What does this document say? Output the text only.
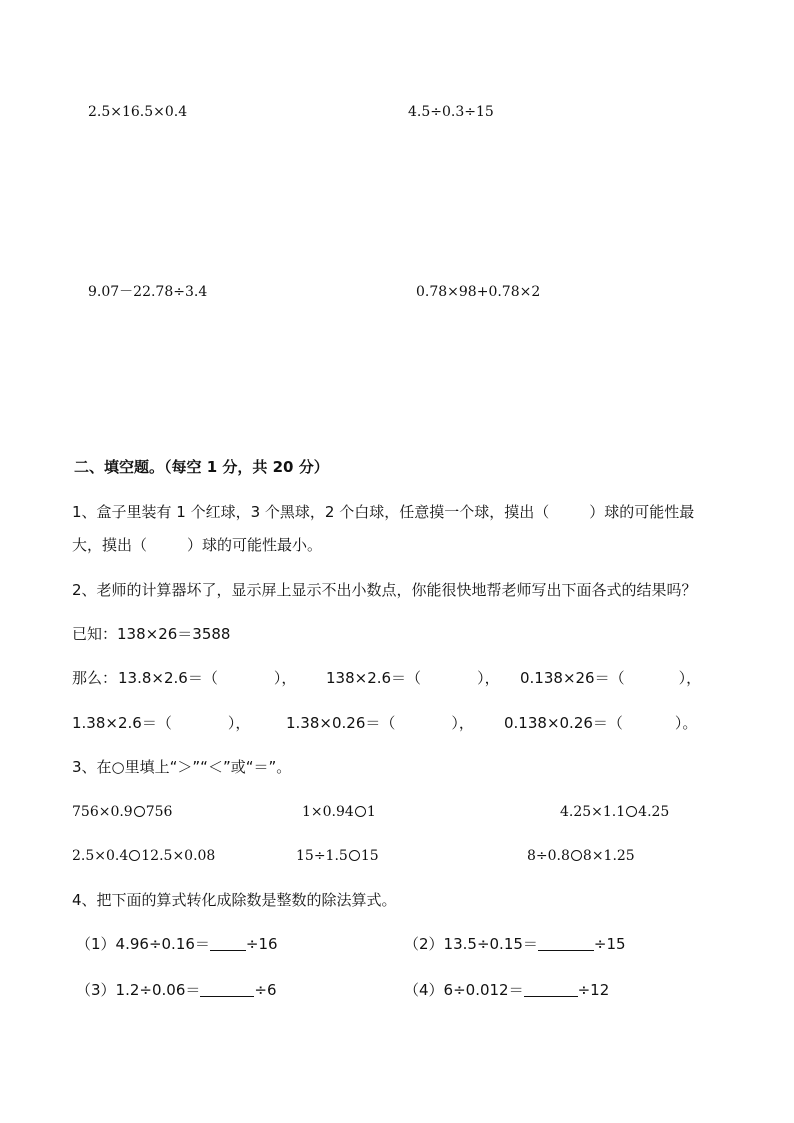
2.5×16.5×0.4	4.5÷0.3÷15
9.07－22.78÷3.4	0.78×98+0.78×2
二、填空题。（每空 1 分，共 20 分）
1、盒子里装有 1 个红球，3 个黑球，2 个白球，任意摸一个球，摸出（	）球的可能性最
大，摸出（	）球的可能性最小。
2、老师的计算器坏了，显示屏上显示不出小数点，你能很快地帮老师写出下面各式的结果吗？
已知：138×26＝3588
那么： 13.8×2.6＝（	）， 138×2.6＝（	）， 0.138×26＝（	），
1.38×2.6＝（	）， 1.38×0.26＝（	）， 0.138×0.26＝（	）。
3、在○里填上“＞”“＜”或“＝”。
756×0.9 756	1×0.94 1	4.25×1.1 4.25
2.5×0.4 12.5×0.08	15÷1.5 15	8÷0.8 8×1.25
4、把下面的算式转化成除数是整数的除法算式。
（1）4.96÷0.16＝ ÷16	（2）13.5÷0.15＝	÷15
（3）1.2÷0.06＝	÷6	（4）6÷0.012＝	÷12
